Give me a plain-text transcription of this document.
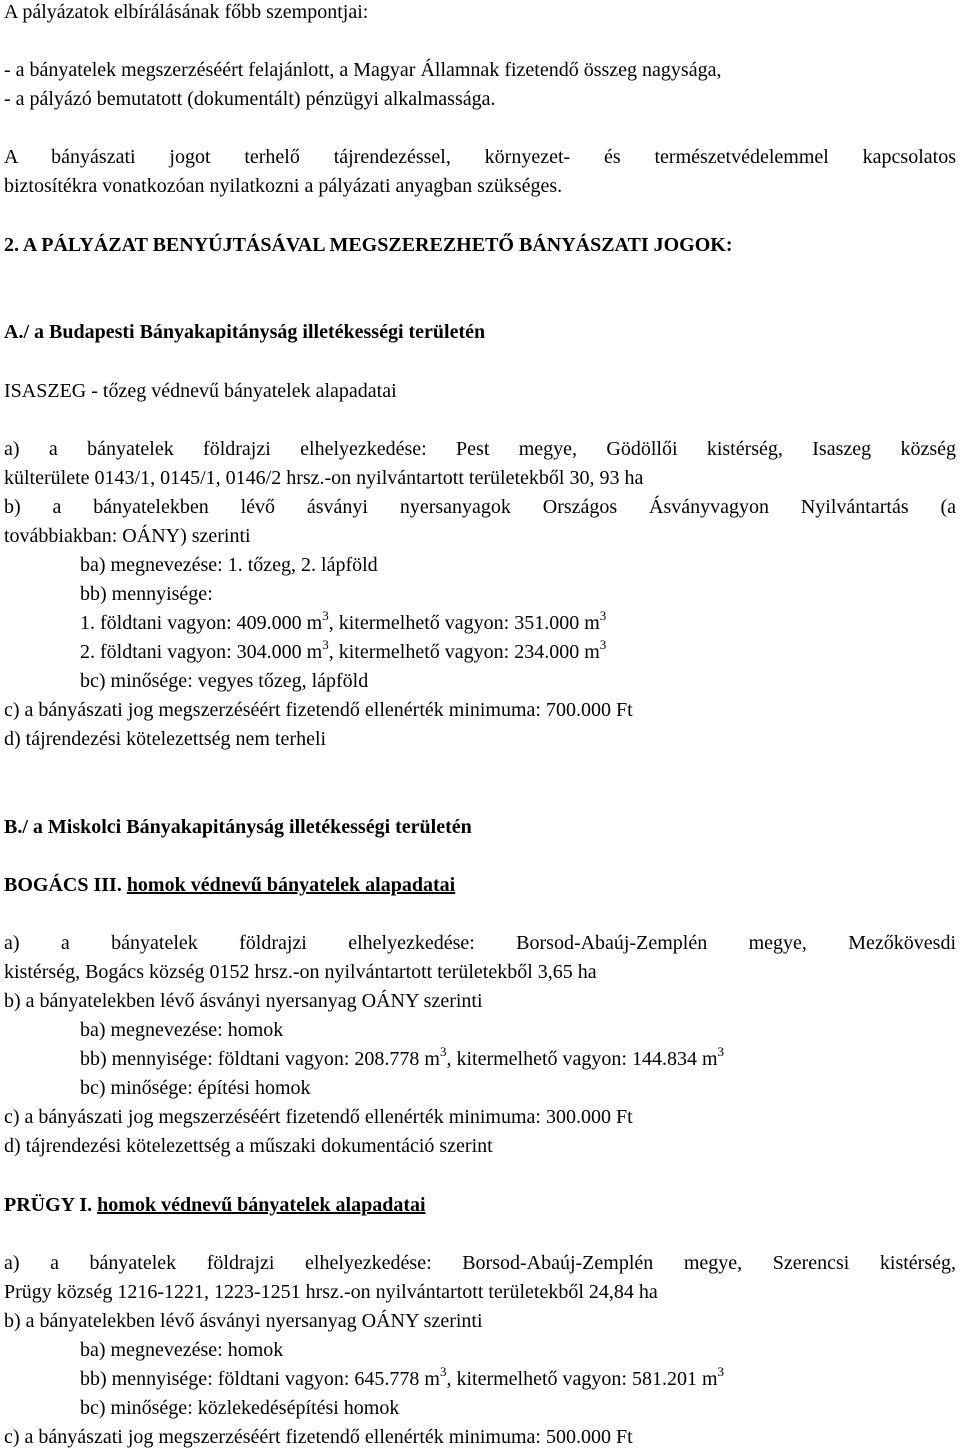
A pályázatok elbírálásának főbb szempontjai:
- a bányatelek megszerzéséért felajánlott, a Magyar Államnak fizetendő összeg nagysága,
- a pályázó bemutatott (dokumentált) pénzügyi alkalmassága.
A bányászati jogot terhelő tájrendezéssel, környezet- és természetvédelemmel kapcsolatos
biztosítékra vonatkozóan nyilatkozni a pályázati anyagban szükséges.
2. A PÁLYÁZAT BENYÚJTÁSÁVAL MEGSZEREZHETŐ BÁNYÁSZATI JOGOK:
A./ a Budapesti Bányakapitányság illetékességi területén
ISASZEG - tőzeg védnevű bányatelek alapadatai
a) a bányatelek földrajzi elhelyezkedése: Pest megye, Gödöllői kistérség, Isaszeg község
külterülete 0143/1, 0145/1, 0146/2 hrsz.-on nyilvántartott területekből 30, 93 ha
b) a bányatelekben lévő ásványi nyersanyagok Országos Ásványvagyon Nyilvántartás (a
továbbiakban: OÁNY) szerinti
ba) megnevezése: 1. tőzeg, 2. lápföld
bb) mennyisége:
1. földtani vagyon: 409.000 $m^3$, kitermelhető vagyon: 351.000 $m^3$
2. földtani vagyon: 304.000 $m^3$, kitermelhető vagyon: 234.000 $m^3$
bc) minősége: vegyes tőzeg, lápföld
c) a bányászati jog megszerzéséért fizetendő ellenérték minimuma: 700.000 Ft
d) tájrendezési kötelezettség nem terheli
B./ a Miskolci Bányakapitányság illetékességi területén
BOGÁCS III. homok védnevű bányatelek alapadatai
a) a bányatelek földrajzi elhelyezkedése: Borsod-Abaúj-Zemplén megye, Mezőkövesdi
kistérség, Bogács község 0152 hrsz.-on nyilvántartott területekből 3,65 ha
b) a bányatelekben lévő ásványi nyersanyag OÁNY szerinti
ba) megnevezése: homok
bb) mennyisége: földtani vagyon: 208.778 $m^3$, kitermelhető vagyon: 144.834 $m^3$
bc) minősége: építési homok
c) a bányászati jog megszerzéséért fizetendő ellenérték minimuma: 300.000 Ft
d) tájrendezési kötelezettség a műszaki dokumentáció szerint
PRÜGY I. homok védnevű bányatelek alapadatai
a) a bányatelek földrajzi elhelyezkedése: Borsod-Abaúj-Zemplén megye, Szerencsi kistérség,
Prügy község 1216-1221, 1223-1251 hrsz.-on nyilvántartott területekből 24,84 ha
b) a bányatelekben lévő ásványi nyersanyag OÁNY szerinti
ba) megnevezése: homok
bb) mennyisége: földtani vagyon: 645.778 $m^3$, kitermelhető vagyon: 581.201 $m^3$
bc) minősége: közlekedésépítési homok
c) a bányászati jog megszerzéséért fizetendő ellenérték minimuma: 500.000 Ft
